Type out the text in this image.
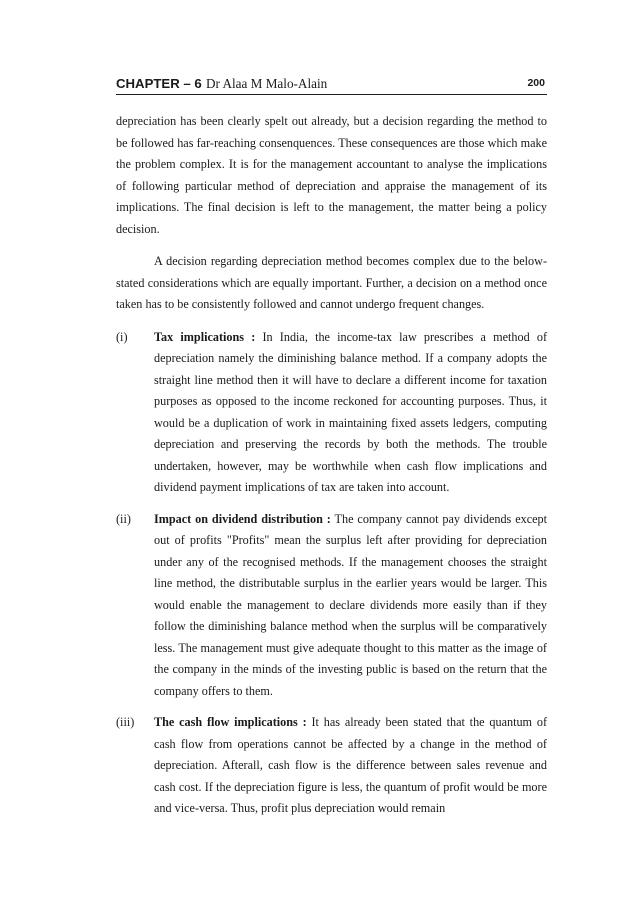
CHAPTER – 6 Dr Alaa M Malo-Alain	200

depreciation has been clearly spelt out already, but a decision regarding the method to be followed has far-reaching consenquences. These consequences are those which make the problem complex. It is for the management accountant to analyse the implications of following particular method of depreciation and appraise the management of its implications. The final decision is left to the management, the matter being a policy decision.

A decision regarding depreciation method becomes complex due to the below-stated considerations which are equally important. Further, a decision on a method once taken has to be consistently followed and cannot undergo frequent changes.

(i)	Tax implications : In India, the income-tax law prescribes a method of depreciation namely the diminishing balance method. If a company adopts the straight line method then it will have to declare a different income for taxation purposes as opposed to the income reckoned for accounting purposes. Thus, it would be a duplication of work in maintaining fixed assets ledgers, computing depreciation and preserving the records by both the methods. The trouble undertaken, however, may be worthwhile when cash flow implications and dividend payment implications of tax are taken into account.
(ii)	Impact on dividend distribution : The company cannot pay dividends except out of profits "Profits" mean the surplus left after providing for depreciation under any of the recognised methods. If the management chooses the straight line method, the distributable surplus in the earlier years would be larger. This would enable the management to declare dividends more easily than if they follow the diminishing balance method when the surplus will be comparatively less. The management must give adequate thought to this matter as the image of the company in the minds of the investing public is based on the return that the company offers to them.
(iii)	The cash flow implications : It has already been stated that the quantum of cash flow from operations cannot be affected by a change in the method of depreciation. Afterall, cash flow is the difference between sales revenue and cash cost. If the depreciation figure is less, the quantum of profit would be more and vice-versa. Thus, profit plus depreciation would remain
